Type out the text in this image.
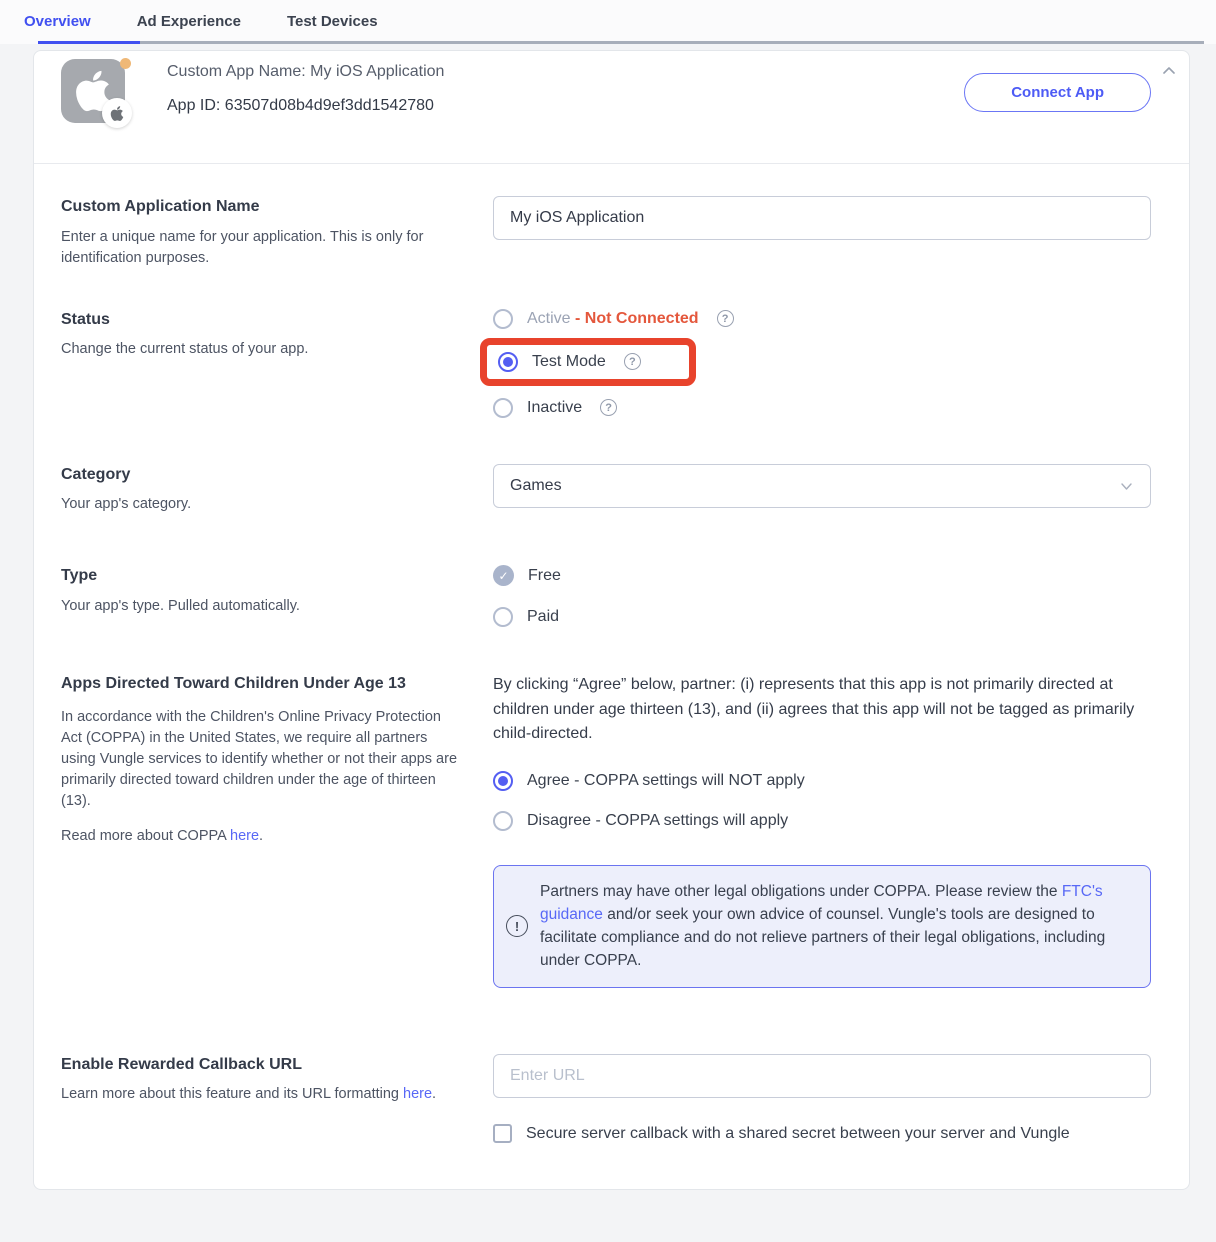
Overview	Ad Experience	Test Devices
Custom App Name: My iOS Application
App ID: 63507d08b4d9ef3dd1542780
Connect App

Custom Application Name

Enter a unique name for your application. This is only for identification purposes.

My iOS Application

Status

Change the current status of your app.

Active - Not Connected	?
Test Mode	?
Inactive	?

Category

Your app's category.

Games

Type

Your app's type. Pulled automatically.

✓	Free
Paid

Apps Directed Toward Children Under Age 13

In accordance with the Children's Online Privacy Protection Act (COPPA) in the United States, we require all partners using Vungle services to identify whether or not their apps are primarily directed toward children under the age of thirteen (13).

Read more about COPPA here.

By clicking “Agree” below, partner: (i) represents that this app is not primarily directed at children under age thirteen (13), and (ii) agrees that this app will not be tagged as primarily child-directed.

Agree - COPPA settings will NOT apply
Disagree - COPPA settings will apply
!
Partners may have other legal obligations under COPPA. Please review the FTC's guidance and/or seek your own advice of counsel. Vungle's tools are designed to facilitate compliance and do not relieve partners of their legal obligations, including under COPPA.

Enable Rewarded Callback URL

Learn more about this feature and its URL formatting here.

Enter URL
Secure server callback with a shared secret between your server and Vungle
